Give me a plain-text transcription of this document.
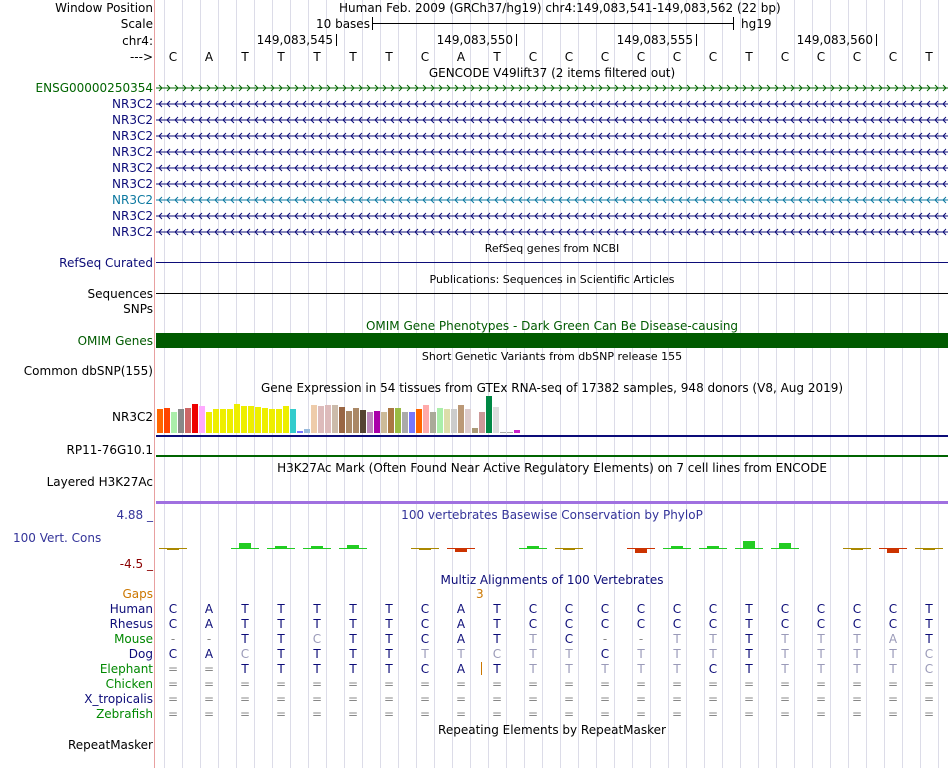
Window Position	Human Feb. 2009 (GRCh37/hg19) chr4:149,083,541-149,083,562 (22 bp)
Scale	10 bases	hg19
chr4:	149,083,545	149,083,550	149,083,555	149,083,560
--->	C	A	T	T	T	T	T	C	A	T	C	C	C	C	C	C	T	C	C	C	C	T
GENCODE V49lift37 (2 items filtered out)
ENSG00000250354
NR3C2
NR3C2
NR3C2
NR3C2
NR3C2
NR3C2
NR3C2
NR3C2
NR3C2
RefSeq genes from NCBI
RefSeq Curated
Publications: Sequences in Scientific Articles
Sequences
SNPs
OMIM Gene Phenotypes - Dark Green Can Be Disease-causing
OMIM Genes
Short Genetic Variants from dbSNP release 155
Common dbSNP(155)
Gene Expression in 54 tissues from GTEx RNA-seq of 17382 samples, 948 donors (V8, Aug 2019)
NR3C2
RP11-76G10.1
H3K27Ac Mark (Often Found Near Active Regulatory Elements) on 7 cell lines from ENCODE
Layered H3K27Ac
100 vertebrates Basewise Conservation by PhyloP
4.88 _
100 Vert. Cons
-4.5 _
Multiz Alignments of 100 Vertebrates
Gaps	3
Human	C	A	T	T	T	T	T	C	A	T	C	C	C	C	C	C	T	C	C	C	C	T
Rhesus	C	A	T	T	T	T	T	C	A	T	C	C	C	C	C	C	T	C	C	C	C	T
Mouse	-	-	T	T	C	T	T	C	A	T	T	C	-	-	T	T	T	T	T	T	A	T
Dog	C	A	C	T	T	T	T	T	T	C	T	T	C	T	T	T	T	T	T	T	T	C
Elephant	=	=	T	T	T	T	T	C	A	T	T	T	T	T	T	C	T	T	T	T	T	C
Chicken	=	=	=	=	=	=	=	=	=	=	=	=	=	=	=	=	=	=	=	=	=	=
X_tropicalis	=	=	=	=	=	=	=	=	=	=	=	=	=	=	=	=	=	=	=	=	=	=
Zebrafish	=	=	=	=	=	=	=	=	=	=	=	=	=	=	=	=	=	=	=	=	=	=
Repeating Elements by RepeatMasker
RepeatMasker
